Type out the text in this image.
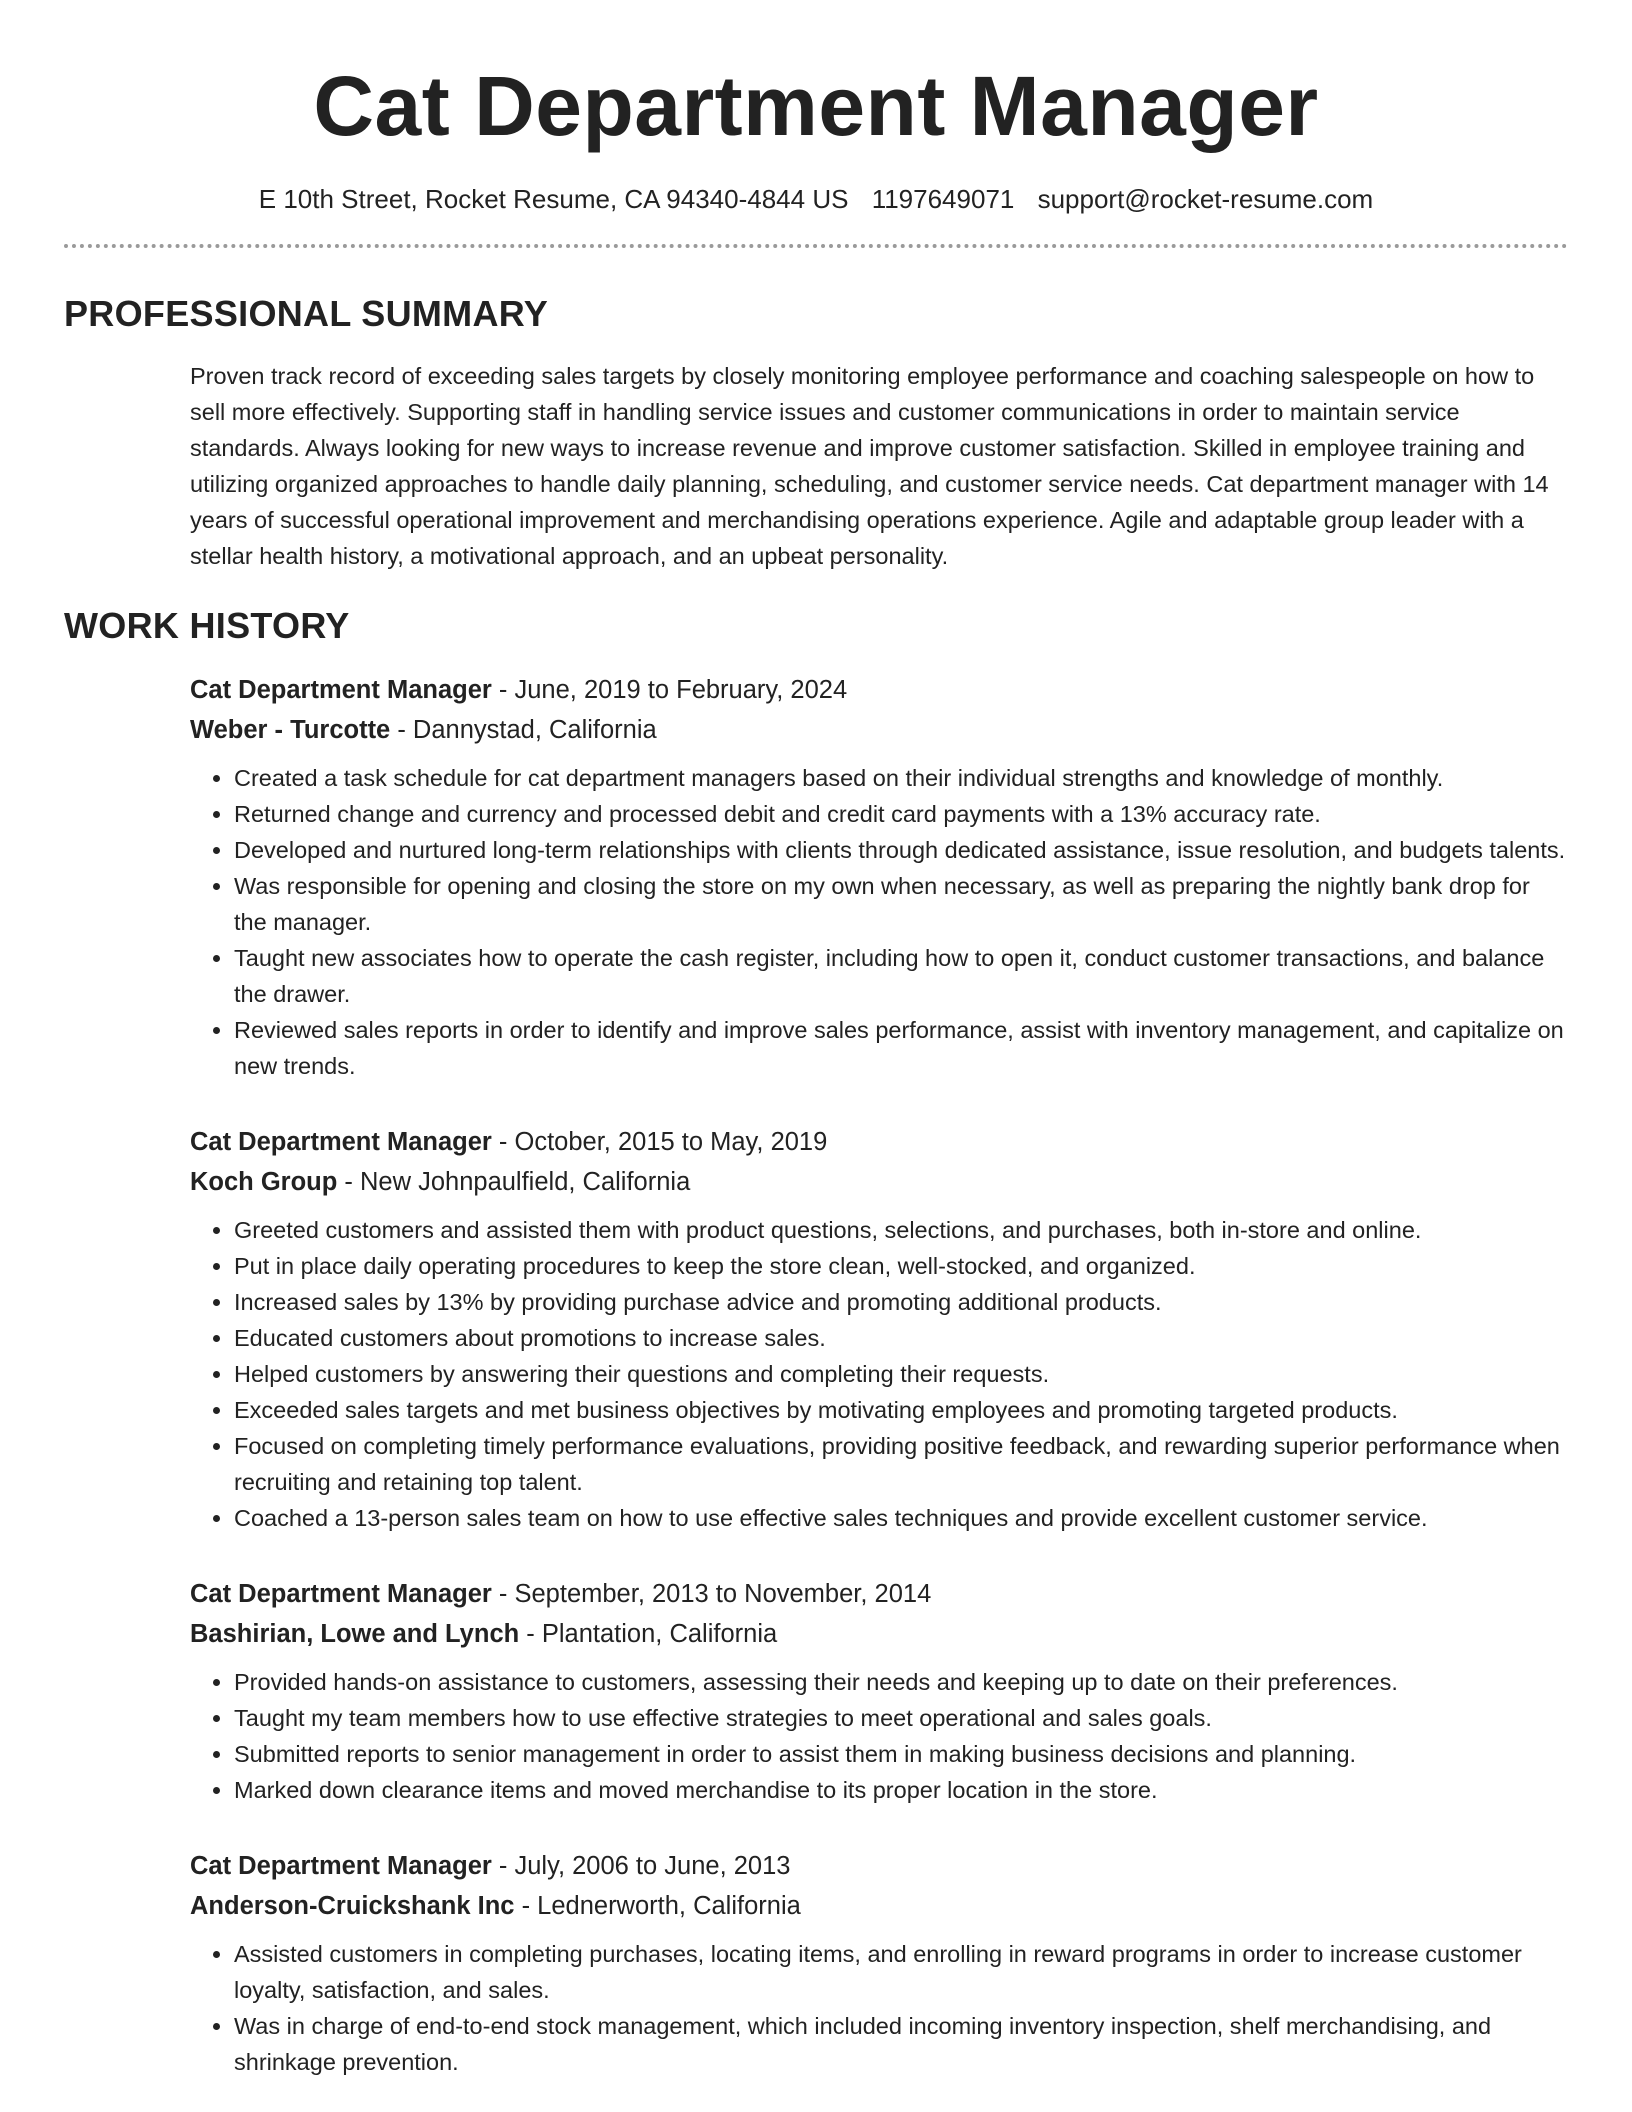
Cat Department Manager
E 10th Street, Rocket Resume, CA 94340-4844 US 1197649071 support@rocket-resume.com
PROFESSIONAL SUMMARY

Proven track record of exceeding sales targets by closely monitoring employee performance and coaching salespeople on how to sell more effectively. Supporting staff in handling service issues and customer communications in order to maintain service standards. Always looking for new ways to increase revenue and improve customer satisfaction. Skilled in employee training and utilizing organized approaches to handle daily planning, scheduling, and customer service needs. Cat department manager with 14 years of successful operational improvement and merchandising operations experience. Agile and adaptable group leader with a stellar health history, a motivational approach, and an upbeat personality.

WORK HISTORY
Cat Department Manager - June, 2019 to February, 2024
Weber - Turcotte - Dannystad, California
• Created a task schedule for cat department managers based on their individual strengths and knowledge of monthly.
• Returned change and currency and processed debit and credit card payments with a 13% accuracy rate.
• Developed and nurtured long-term relationships with clients through dedicated assistance, issue resolution, and budgets talents.
• Was responsible for opening and closing the store on my own when necessary, as well as preparing the nightly bank drop for the manager.
• Taught new associates how to operate the cash register, including how to open it, conduct customer transactions, and balance the drawer.
• Reviewed sales reports in order to identify and improve sales performance, assist with inventory management, and capitalize on new trends.
Cat Department Manager - October, 2015 to May, 2019
Koch Group - New Johnpaulfield, California
• Greeted customers and assisted them with product questions, selections, and purchases, both in-store and online.
• Put in place daily operating procedures to keep the store clean, well-stocked, and organized.
• Increased sales by 13% by providing purchase advice and promoting additional products.
• Educated customers about promotions to increase sales.
• Helped customers by answering their questions and completing their requests.
• Exceeded sales targets and met business objectives by motivating employees and promoting targeted products.
• Focused on completing timely performance evaluations, providing positive feedback, and rewarding superior performance when recruiting and retaining top talent.
• Coached a 13-person sales team on how to use effective sales techniques and provide excellent customer service.
Cat Department Manager - September, 2013 to November, 2014
Bashirian, Lowe and Lynch - Plantation, California
• Provided hands-on assistance to customers, assessing their needs and keeping up to date on their preferences.
• Taught my team members how to use effective strategies to meet operational and sales goals.
• Submitted reports to senior management in order to assist them in making business decisions and planning.
• Marked down clearance items and moved merchandise to its proper location in the store.
Cat Department Manager - July, 2006 to June, 2013
Anderson-Cruickshank Inc - Lednerworth, California
• Assisted customers in completing purchases, locating items, and enrolling in reward programs in order to increase customer loyalty, satisfaction, and sales.
• Was in charge of end-to-end stock management, which included incoming inventory inspection, shelf merchandising, and shrinkage prevention.
